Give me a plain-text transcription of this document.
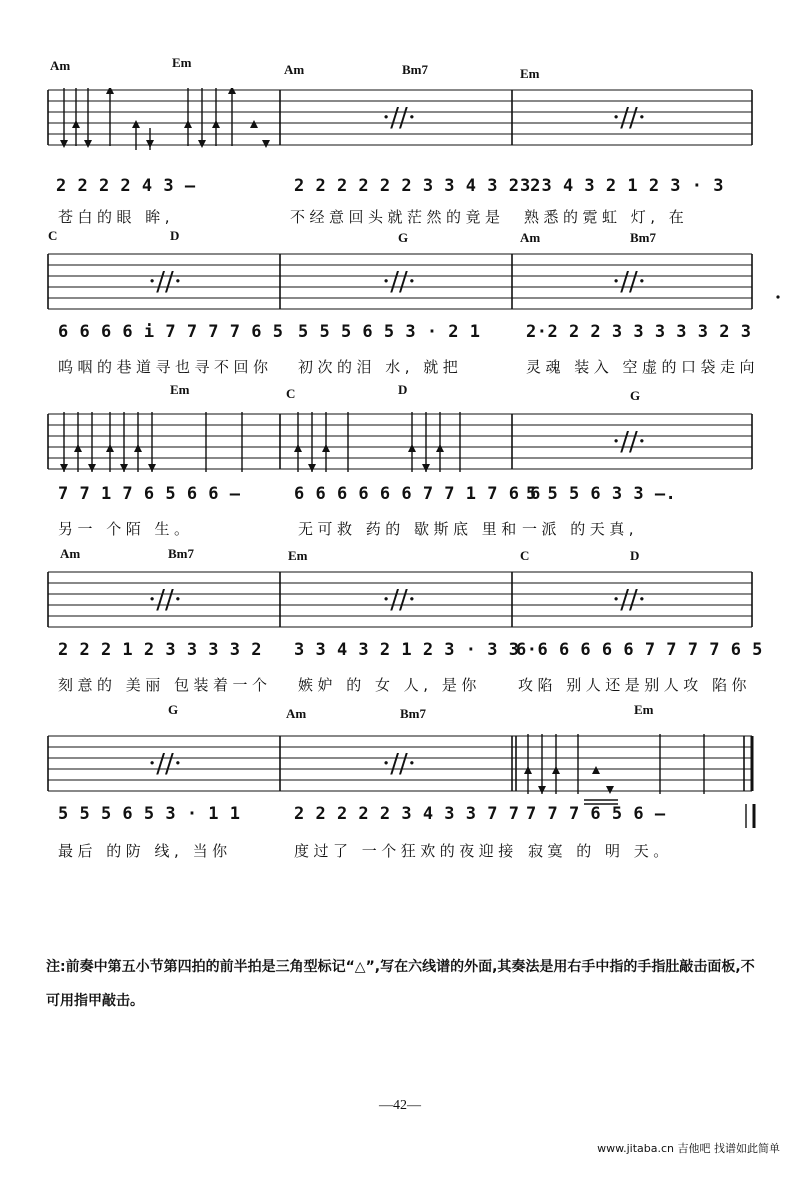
Am	Em	Am	Bm7	Em
·//·	·//·
2 2 2 2 4 3 —	2 2 2 2 2 2 3 3 4 3 2 2
3 3 4 3 2 1 2 3 · 3
苍白的眼 眸,	不经意回头就茫然的竟是 熟悉的霓虹 灯, 在
C	D	G	Am	Bm7
·//·	·//·	·//·
6 6 6 6 i 7 7 7 7 6 5 5 5 5 6 5 3 · 2 1	2·2 2 2 3 3 3 3 3 2 3
呜咽的巷道寻也寻不回你 初次的泪 水, 就把	灵魂 装入 空虚的口袋走向
Em	C	D	G
·//·
7 7 1 7 6 5 6 6 —	6 6 6 6 6 6 7 7 1 7 6 6
5 5 5 6 3 3 —.
另一 个陌 生。	无可救 药的 歇斯底 里和 一派 的天真,
Am	Bm7	Em	C	D
·//·	·//·	·//·
2 2 2 1 2 3 3 3 3 2 3 3 4 3 2 1 2 3 · 3 3
6·6 6 6 6 6 7 7 7 7 6 5
刻意的 美丽 包装着一个 嫉妒 的 女 人, 是你 攻陷 别人还是别人攻 陷你
G	Am	Bm7	Em
·//·	·//·
5 5 5 6 5 3 · 1 1	2 2 2 2 2 3 4 3 3 7 7 7 7 7 6 5 6 —
最后 的防 线, 当你	度过了 一个狂欢的夜迎接 寂寞 的 明 天。
注:前奏中第五小节第四拍的前半拍是三角型标记“△”,写在六线谱的外面,其奏法是用右手中指的手指肚敲击面板,不可用指甲敲击。
—42—
www.jitaba.cn 吉他吧 找谱如此简单
